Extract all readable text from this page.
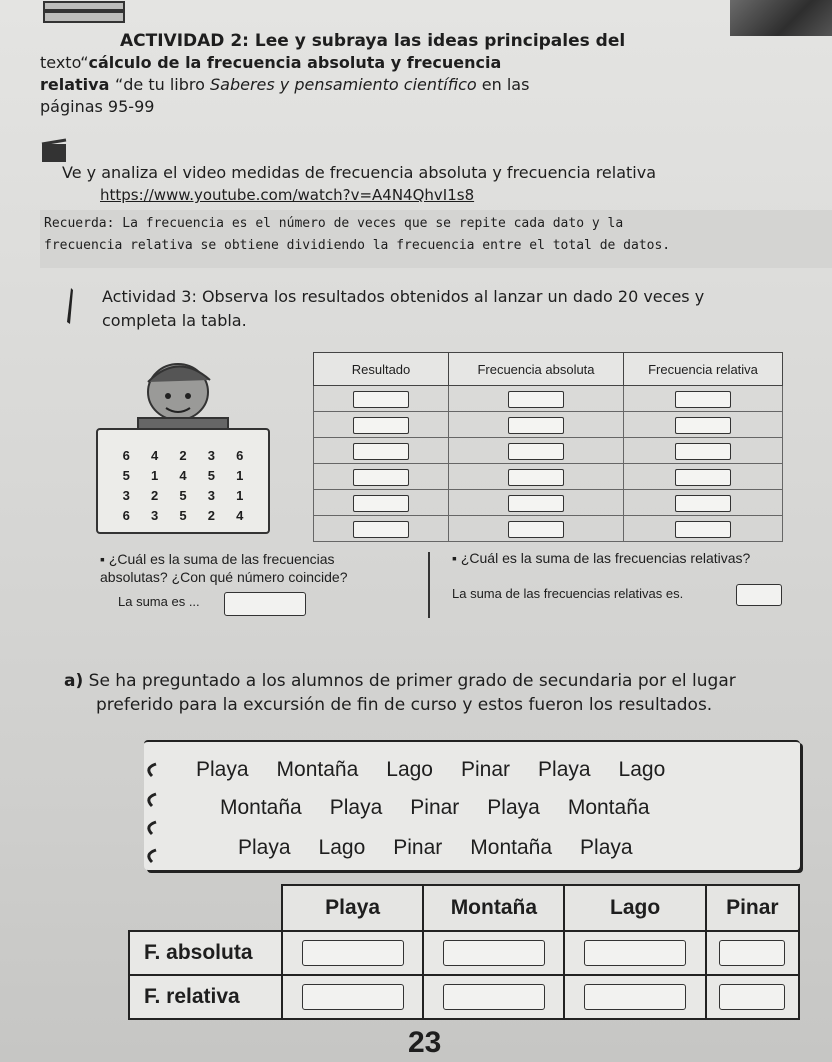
ACTIVIDAD 2: Lee y subraya las ideas principales del
texto“cálculo de la frecuencia absoluta y frecuencia
relativa “de tu libro Saberes y pensamiento científico en las
páginas 95-99
Ve y analiza el video medidas de frecuencia absoluta y frecuencia relativa
https://www.youtube.com/watch?v=A4N4QhvI1s8
Recuerda: La frecuencia es el número de veces que se repite cada dato y la
frecuencia relativa se obtiene dividiendo la frecuencia entre el total de datos.
Actividad 3: Observa los resultados obtenidos al lanzar un dado 20 veces y
completa la tabla.
6 4 2 3 6
5 1 4 5 1
3 2 5 3 1
6 3 5 2 4
Resultado	Frecuencia absoluta	Frecuencia relativa

▪ ¿Cuál es la suma de las frecuencias
absolutas? ¿Con qué número coincide?
La suma es ...
▪ ¿Cuál es la suma de las frecuencias relativas?
La suma de las frecuencias relativas es.
a) Se ha preguntado a los alumnos de primer grado de secundaria por el lugar
preferido para la excursión de fin de curso y estos fueron los resultados.
Playa Montaña Lago Pinar Playa Lago
Montaña Playa Pinar Playa Montaña
Playa Lago Pinar Montaña Playa
	Playa	Montaña	Lago	Pinar
F. absoluta				
F. relativa				
23
